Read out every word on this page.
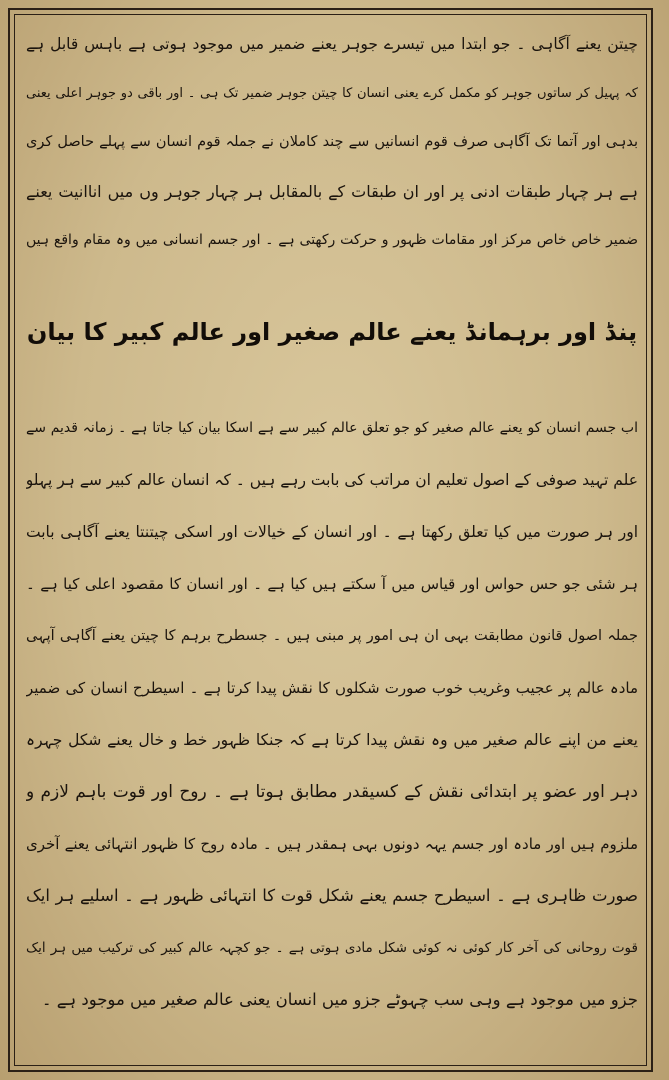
چیتن یعنے آگاہی ۔ جو ابتدا میں تیسرے جوہر یعنے ضمیر میں موجود ہوتی ہے باہس قابل ہے
کہ پہیل کر ساتوں جوہر کو مکمل کرے یعنی انسان کا چیتن جوہر ضمیر تک ہی ۔ اور باقی دو جوہر اعلی یعنی
بدہی اور آتما تک آگاہی صرف قوم انسانیں سے چند کاملان نے جملہ قوم انسان سے پہلے حاصل کری
ہے ہر چہار طبقات ادنی پر اور ان طبقات کے بالمقابل ہر چہار جوہر وں میں اناانیت یعنے
ضمیر خاص خاص مرکز اور مقامات ظہور و حرکت رکھتی ہے ۔ اور جسم انسانی میں وہ مقام واقع ہیں
پنڈ اور برہمانڈ یعنے عالم صغیر اور عالم کبیر کا بیان
اب جسم انسان کو یعنے عالم صغیر کو جو تعلق عالم کبیر سے ہے اسکا بیان کیا جاتا ہے ۔ زمانہ قدیم سے
علم تہید صوفی کے اصول تعلیم ان مراتب کی بابت رہے ہیں ۔ کہ انسان عالم کبیر سے ہر پہلو
اور ہر صورت میں کیا تعلق رکھتا ہے ۔ اور انسان کے خیالات اور اسکی چیتنتا یعنے آگاہی بابت
ہر شئی جو حس حواس اور قیاس میں آ سکتے ہیں کیا ہے ۔ اور انسان کا مقصود اعلی کیا ہے ۔
جملہ اصول قانون مطابقت بہی ان ہی امور پر مبنی ہیں ۔ جسطرح برہم کا چیتن یعنے آگاہی آپہی
مادہ عالم پر عجیب وغریب خوب صورت شکلوں کا نقش پیدا کرتا ہے ۔ اسیطرح انسان کی ضمیر
یعنے من اپنے عالم صغیر میں وہ نقش پیدا کرتا ہے کہ جنکا ظہور خط و خال یعنے شکل چہرہ
دہر اور عضو پر ابتدائی نقش کے کسیقدر مطابق ہوتا ہے ۔ روح اور قوت باہم لازم و
ملزوم ہیں اور مادہ اور جسم یہہ دونوں بہی ہمقدر ہیں ۔ مادہ روح کا ظہور انتہائی یعنے آخری
صورت ظاہری ہے ۔ اسیطرح جسم یعنے شکل قوت کا انتہائی ظہور ہے ۔ اسلیے ہر ایک
قوت روحانی کی آخر کار کوئی نہ کوئی شکل مادی ہوتی ہے ۔ جو کچہہ عالم کبیر کی ترکیب میں ہر ایک
جزو میں موجود ہے وہی سب چہوٹے جزو میں انسان یعنی عالم صغیر میں موجود ہے ۔
